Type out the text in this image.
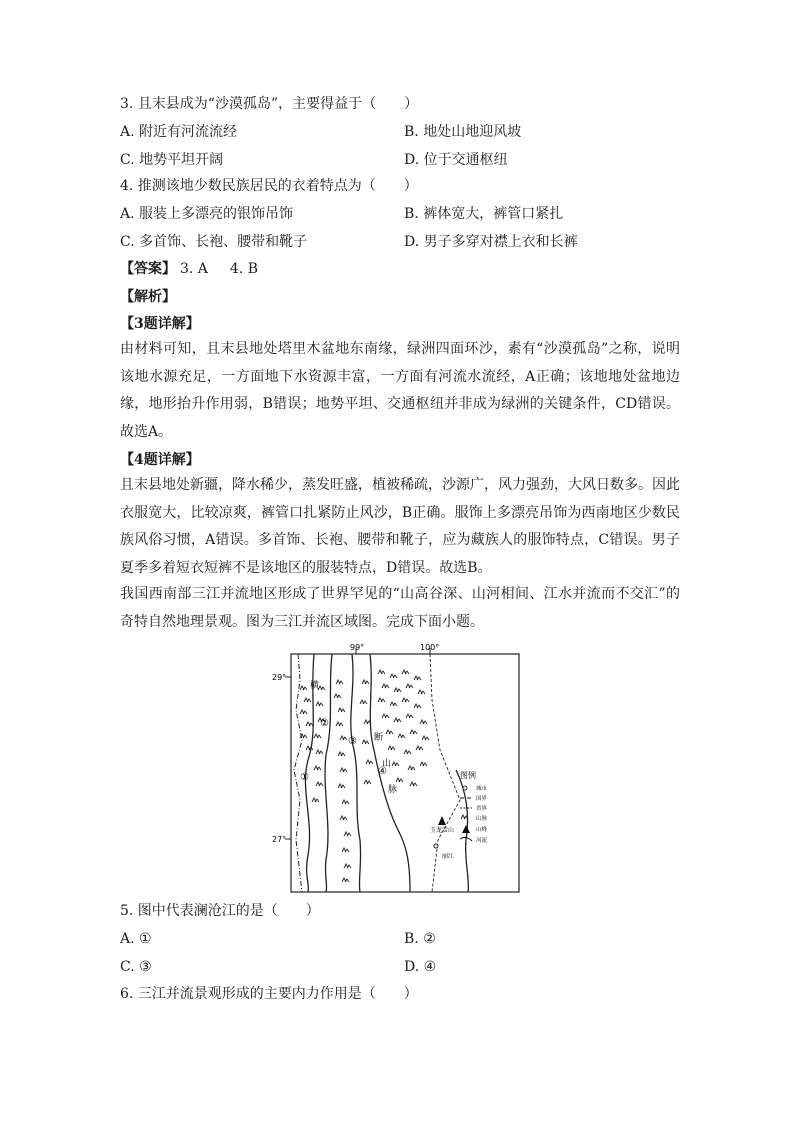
3. 且末县成为“沙漠孤岛”，主要得益于（　　）
A. 附近有河流流经	B. 地处山地迎风坡
C. 地势平坦开阔	D. 位于交通枢纽
4. 推测该地少数民族居民的衣着特点为（　　）
A. 服装上多漂亮的银饰吊饰	B. 裤体宽大，裤管口紧扎
C. 多首饰、长袍、腰带和靴子	D. 男子多穿对襟上衣和长裤
【答案】 3. A 4. B
【解析】
【3题详解】
由材料可知，且末县地处塔里木盆地东南缘，绿洲四面环沙，素有“沙漠孤岛”之称，说明该地水源充足，一方面地下水资源丰富，一方面有河流水流经，A正确；该地地处盆地边缘，地形抬升作用弱，B错误；地势平坦、交通枢纽并非成为绿洲的关键条件，CD错误。故选A。
【4题详解】
且末县地处新疆，降水稀少，蒸发旺盛，植被稀疏，沙源广，风力强劲，大风日数多。因此衣服宽大，比较凉爽，裤管口扎紧防止风沙，B正确。服饰上多漂亮吊饰为西南地区少数民族风俗习惯，A错误。多首饰、长袍、腰带和靴子，应为藏族人的服饰特点，C错误。男子夏季多着短衣短裤不是该地区的服装特点，D错误。故选B。
我国西南部三江并流地区形成了世界罕见的“山高谷深、山河相间、江水并流而不交汇”的奇特自然地理景观。图为三江并流区域图。完成下面小题。
99°	100°
29°
27°
横
断
山
脉
①
②
③
④
玉龙雪山
丽江
图例
城市
国界
省界
山脉
山峰
河流
5. 图中代表澜沧江的是（　　）
A. ①	B. ②
C. ③	D. ④
6. 三江并流景观形成的主要内力作用是（　　）
